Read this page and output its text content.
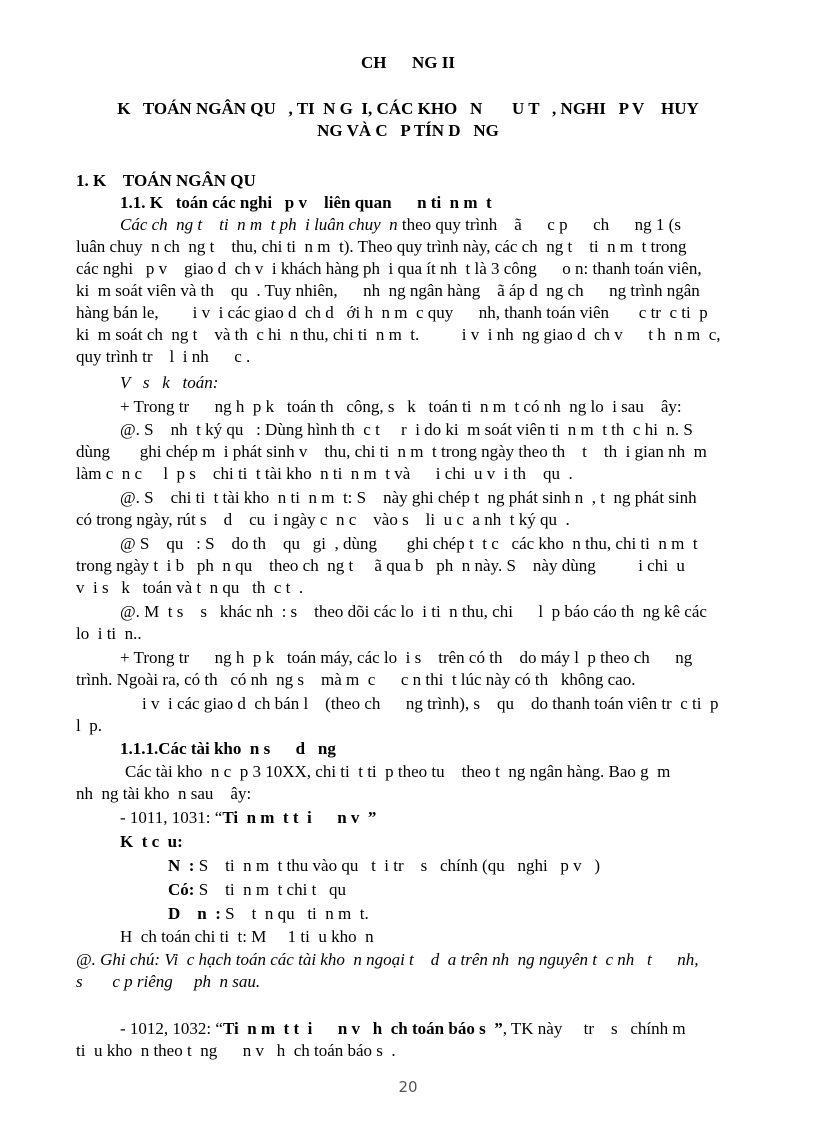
CH      NG II
K   TOÁN NGÂN QU   , TI  N G  I, CÁC KHO   N       U T   , NGHI   P V    HUY
NG VÀ C   P TÍN D   NG
1. K    TOÁN NGÂN QU
1.1. K   toán các nghi   p v    liên quan      n ti  n m  t
Các ch  ng t    ti  n m  t ph  i luân chuy  n theo quy trình    ã      c p      ch      ng 1 (s
luân chuy  n ch  ng t    thu, chi ti  n m  t). Theo quy trình này, các ch  ng t    ti  n m  t trong
các nghi   p v    giao d  ch v  i khách hàng ph  i qua ít nh  t là 3 công      o n: thanh toán viên,
ki  m soát viên và th    qu  . Tuy nhiên,      nh  ng ngân hàng    ã áp d  ng ch      ng trình ngân
hàng bán le,        i v  i các giao d  ch d   ới h  n m  c quy      nh, thanh toán viên       c tr  c ti  p
ki  m soát ch  ng t    và th  c hi  n thu, chi ti  n m  t.          i v  i nh  ng giao d  ch v      t h  n m  c,
quy trình tr    l  i nh      c .
V   s   k   toán:
+ Trong tr      ng h  p k   toán th   công, s   k   toán ti  n m  t có nh  ng lo  i sau    ây:
@. S    nh  t ký qu   : Dùng hình th  c t     r  i do ki  m soát viên ti  n m  t th  c hi  n. S
dùng       ghi chép m  i phát sinh v    thu, chi ti  n m  t trong ngày theo th    t    th  i gian nh  m
làm c  n c     l  p s    chi ti  t tài kho  n ti  n m  t và      i chi  u v  i th    qu  .
@. S    chi ti  t tài kho  n ti  n m  t: S    này ghi chép t  ng phát sinh n  , t  ng phát sinh
có trong ngày, rút s    d    cu  i ngày c  n c    vào s    li  u c  a nh  t ký qu  .
@ S    qu   : S    do th    qu   gi  , dùng       ghi chép t  t c   các kho  n thu, chi ti  n m  t
trong ngày t  i b   ph  n qu    theo ch  ng t     ã qua b   ph  n này. S    này dùng          i chi  u
v  i s   k   toán và t  n qu   th  c t  .
@. M  t s    s   khác nh  : s    theo dõi các lo  i ti  n thu, chi      l  p báo cáo th  ng kê các
lo  i ti  n..
+ Trong tr      ng h  p k   toán máy, các lo  i s    trên có th    do máy l  p theo ch      ng
trình. Ngoài ra, có th   có nh  ng s    mà m  c      c n thi  t lúc này có th   không cao.
i v  i các giao d  ch bán l    (theo ch      ng trình), s    qu    do thanh toán viên tr  c ti  p
l  p.
1.1.1.Các tài kho  n s      d   ng
Các tài kho  n c  p 3 10XX, chi ti  t ti  p theo tu    theo t  ng ngân hàng. Bao g  m
nh  ng tài kho  n sau    ây:
- 1011, 1031: “Ti  n m  t t  i      n v  ”
K  t c  u:
N  : S    ti  n m  t thu vào qu   t  i tr    s   chính (qu   nghi   p v   )
Có: S    ti  n m  t chi t   qu
D    n  : S    t  n qu   ti  n m  t.
H  ch toán chi ti  t: M     1 ti  u kho  n
@. Ghi chú: Vi  c hạch toán các tài kho  n ngoại t    d  a trên nh  ng nguyên t  c nh   t      nh,
s       c p riêng     ph  n sau.
- 1012, 1032: “Ti  n m  t t  i      n v   h  ch toán báo s  ”, TK này     tr    s   chính m
ti  u kho  n theo t  ng      n v   h  ch toán báo s  .
20
